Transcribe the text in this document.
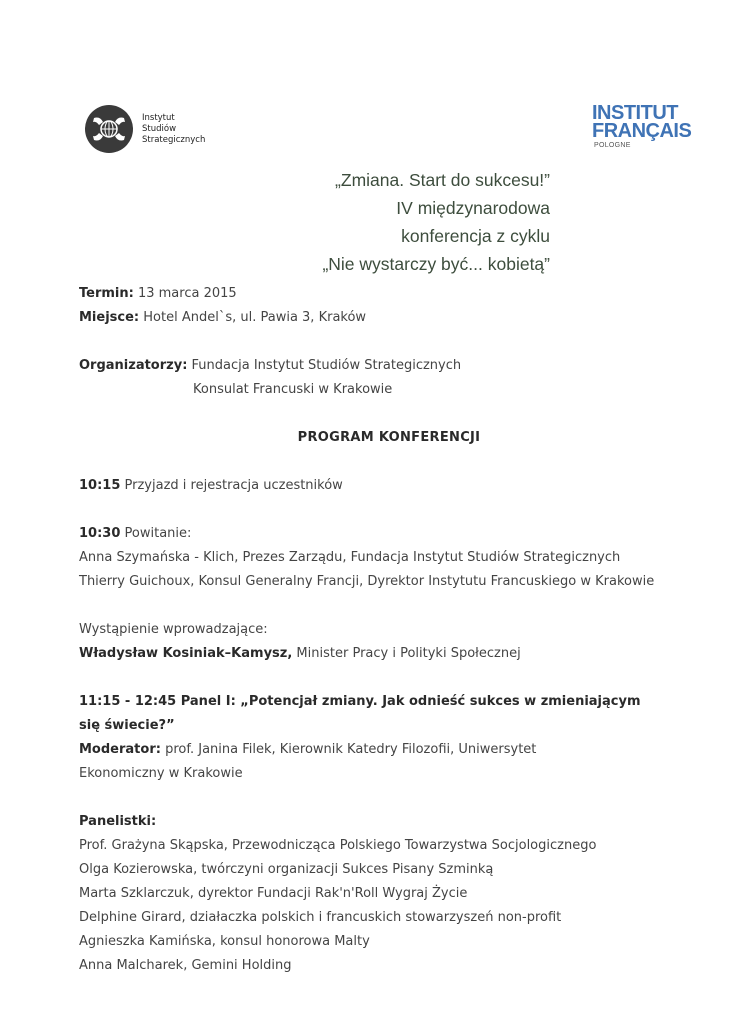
Instytut
Studiów
Strategicznych
INSTITUT
FRANÇAIS
POLOGNE
„Zmiana. Start do sukcesu!”
IV międzynarodowa
konferencja z cyklu
„Nie wystarczy być... kobietą”
Termin: 13 marca 2015
Miejsce: Hotel Andel`s, ul. Pawia 3, Kraków
Organizatorzy: Fundacja Instytut Studiów Strategicznych
Konsulat Francuski w Krakowie
PROGRAM KONFERENCJI
10:15 Przyjazd i rejestracja uczestników
10:30 Powitanie:
Anna Szymańska - Klich, Prezes Zarządu, Fundacja Instytut Studiów Strategicznych
Thierry Guichoux, Konsul Generalny Francji, Dyrektor Instytutu Francuskiego w Krakowie
Wystąpienie wprowadzające:
Władysław Kosiniak–Kamysz, Minister Pracy i Polityki Społecznej
11:15 - 12:45 Panel I: „Potencjał zmiany. Jak odnieść sukces w zmieniającym
się świecie?”
Moderator: prof. Janina Filek, Kierownik Katedry Filozofii, Uniwersytet
Ekonomiczny w Krakowie
Panelistki:
Prof. Grażyna Skąpska, Przewodnicząca Polskiego Towarzystwa Socjologicznego
Olga Kozierowska, twórczyni organizacji Sukces Pisany Szminką
Marta Szklarczuk, dyrektor Fundacji Rak'n'Roll Wygraj Życie
Delphine Girard, działaczka polskich i francuskich stowarzyszeń non-profit
Agnieszka Kamińska, konsul honorowa Malty
Anna Malcharek, Gemini Holding
